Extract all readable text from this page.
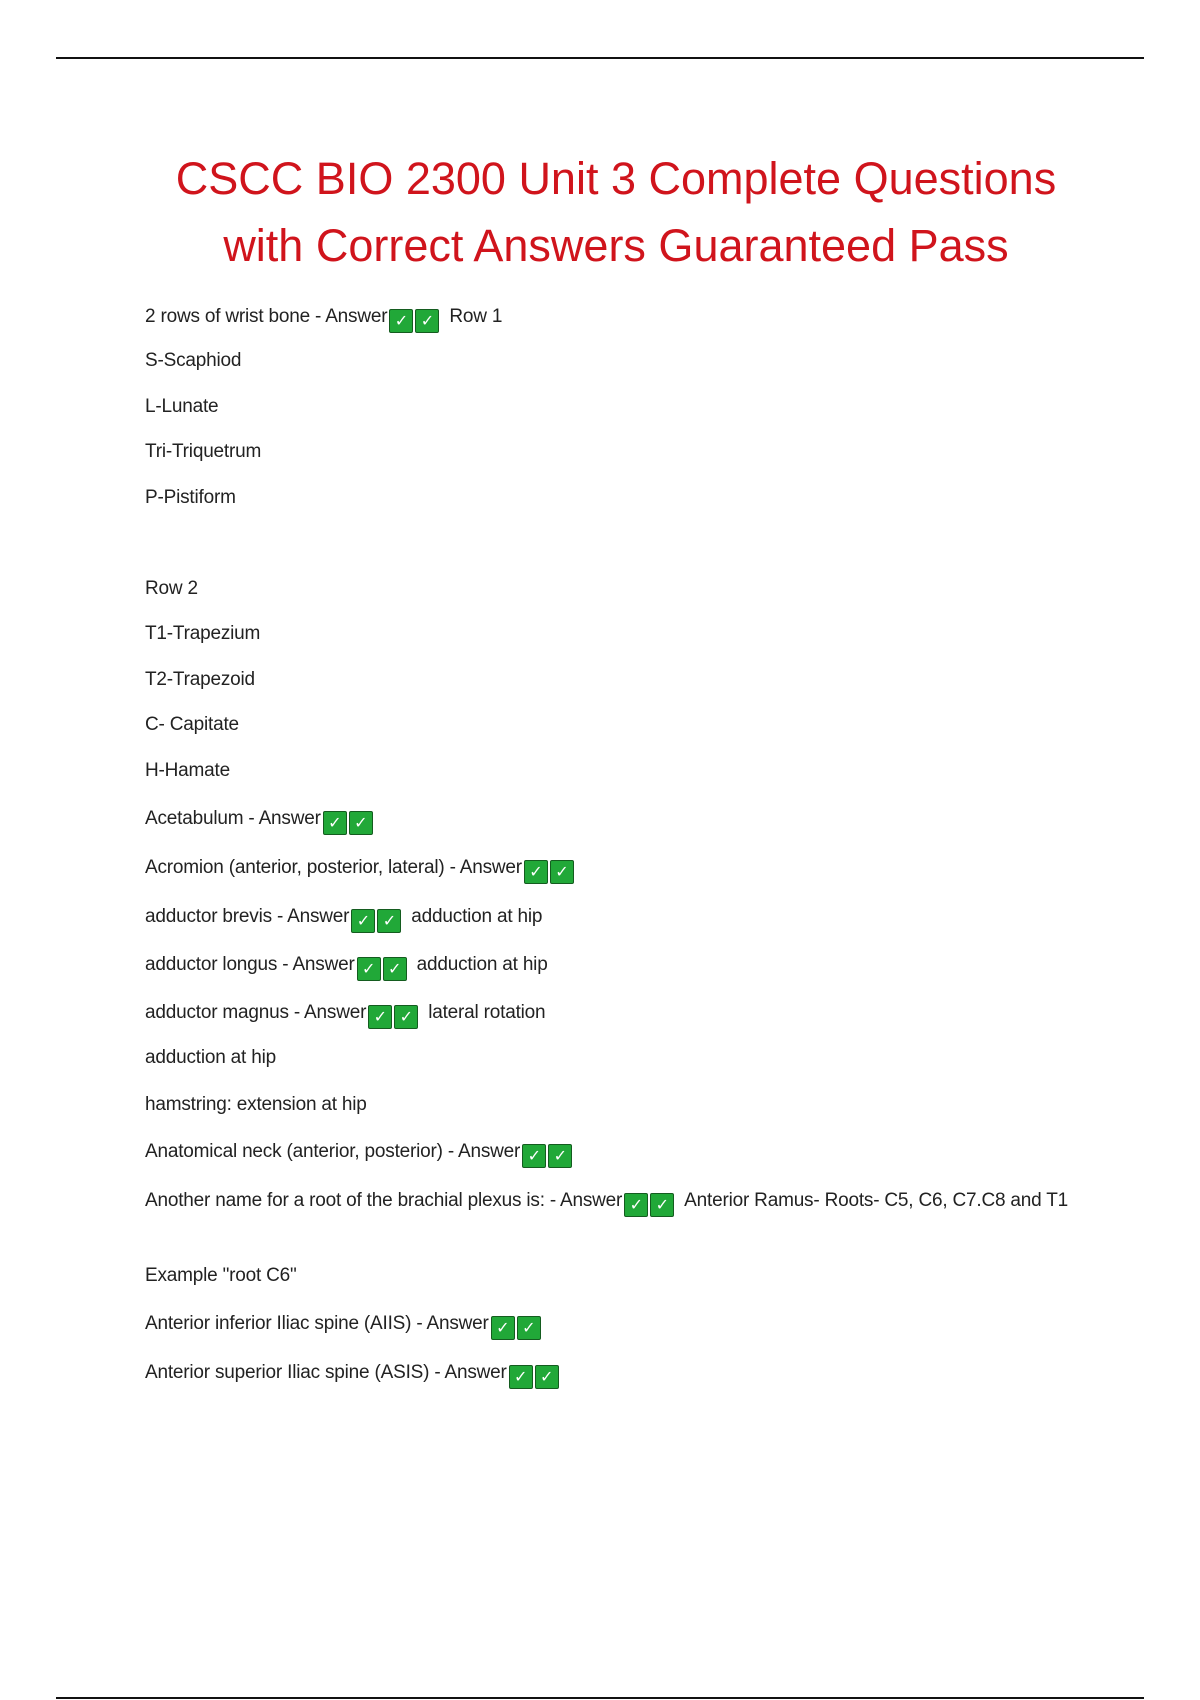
CSCC BIO 2300 Unit 3 Complete Questions
with Correct Answers Guaranteed Pass
2 rows of wrist bone - Answer ✓ ✓ Row 1
S-Scaphiod
L-Lunate
Tri-Triquetrum
P-Pistiform
Row 2
T1-Trapezium
T2-Trapezoid
C- Capitate
H-Hamate
Acetabulum - Answer ✓ ✓
Acromion (anterior, posterior, lateral) - Answer ✓ ✓
adductor brevis - Answer ✓ ✓ adduction at hip
adductor longus - Answer ✓ ✓ adduction at hip
adductor magnus - Answer ✓ ✓ lateral rotation
adduction at hip
hamstring: extension at hip
Anatomical neck (anterior, posterior) - Answer ✓ ✓
Another name for a root of the brachial plexus is: - Answer ✓ ✓ Anterior Ramus- Roots- C5, C6, C7.C8 and T1
Example "root C6"
Anterior inferior Iliac spine (AIIS) - Answer ✓ ✓
Anterior superior Iliac spine (ASIS) - Answer ✓ ✓
